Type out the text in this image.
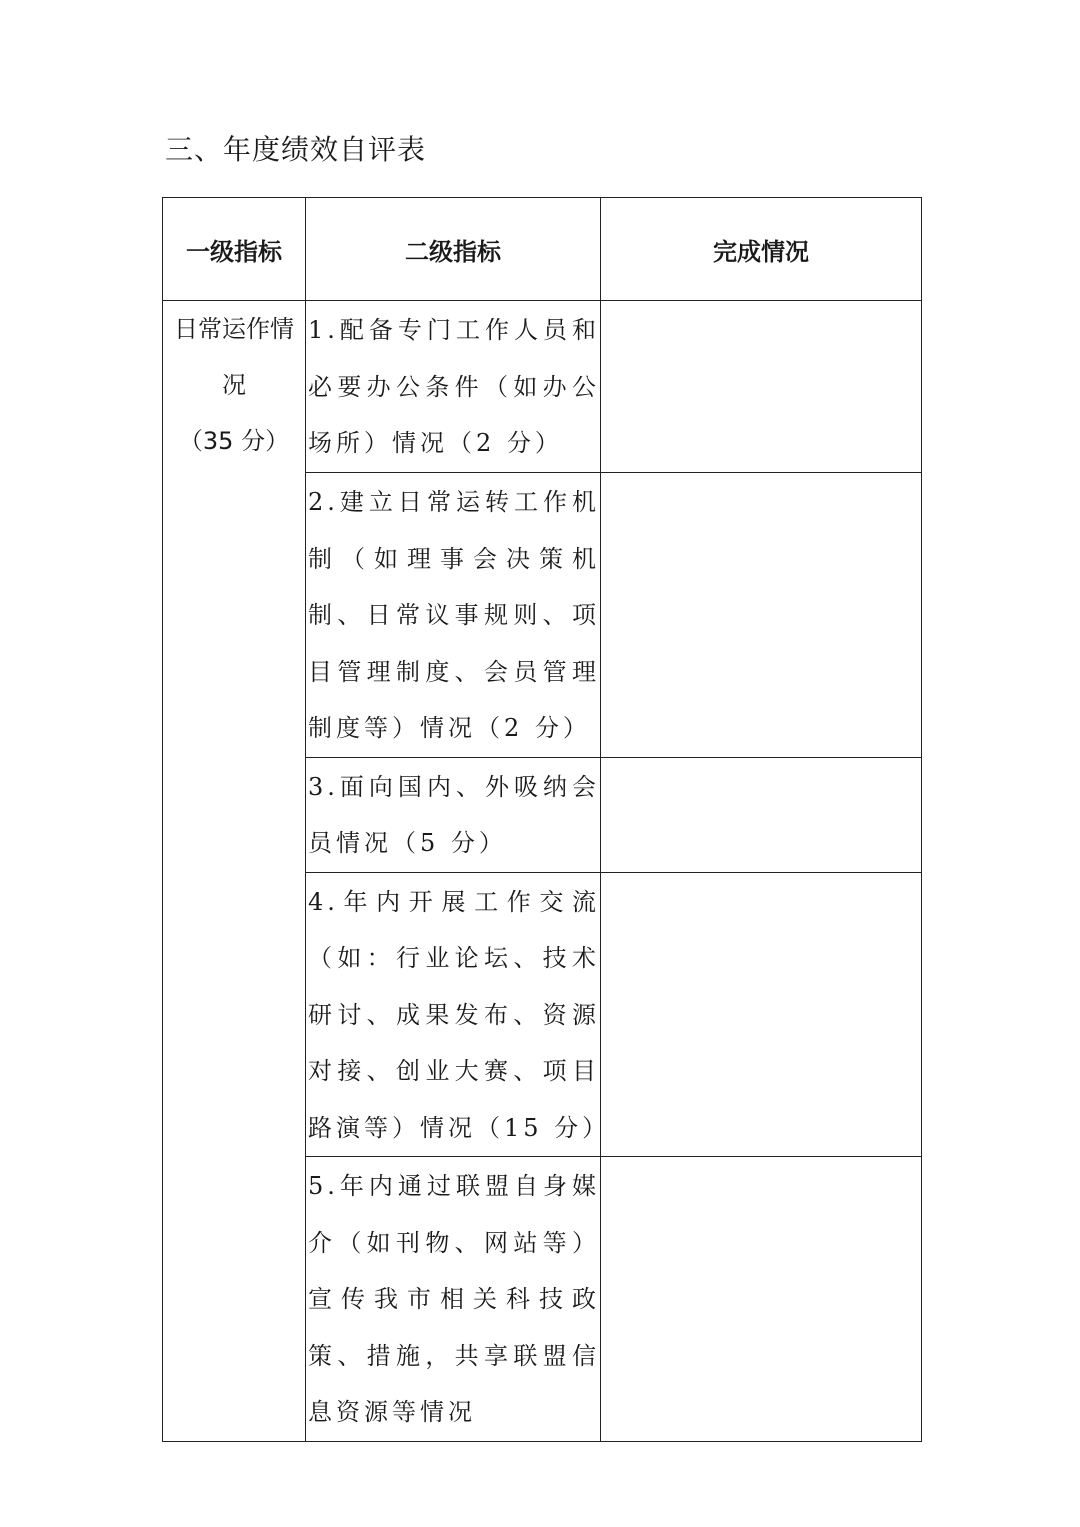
三、年度绩效自评表
一级指标	二级指标	完成情况

日常运作情
况
（35 分）	1.配备专门工作人员和必要办公条件（如办公场所）情况（2 分）	

	2.建立日常运转工作机制（如理事会决策机制、日常议事规则、项目管理制度、会员管理制度等）情况（2 分）	

	3.面向国内、外吸纳会员情况（5 分）	

	4.年内开展工作交流（如：行业论坛、技术研讨、成果发布、资源对接、创业大赛、项目路演等）情况（15 分）	

	5.年内通过联盟自身媒介（如刊物、网站等）宣传我市相关科技政策、措施，共享联盟信息资源等情况	
